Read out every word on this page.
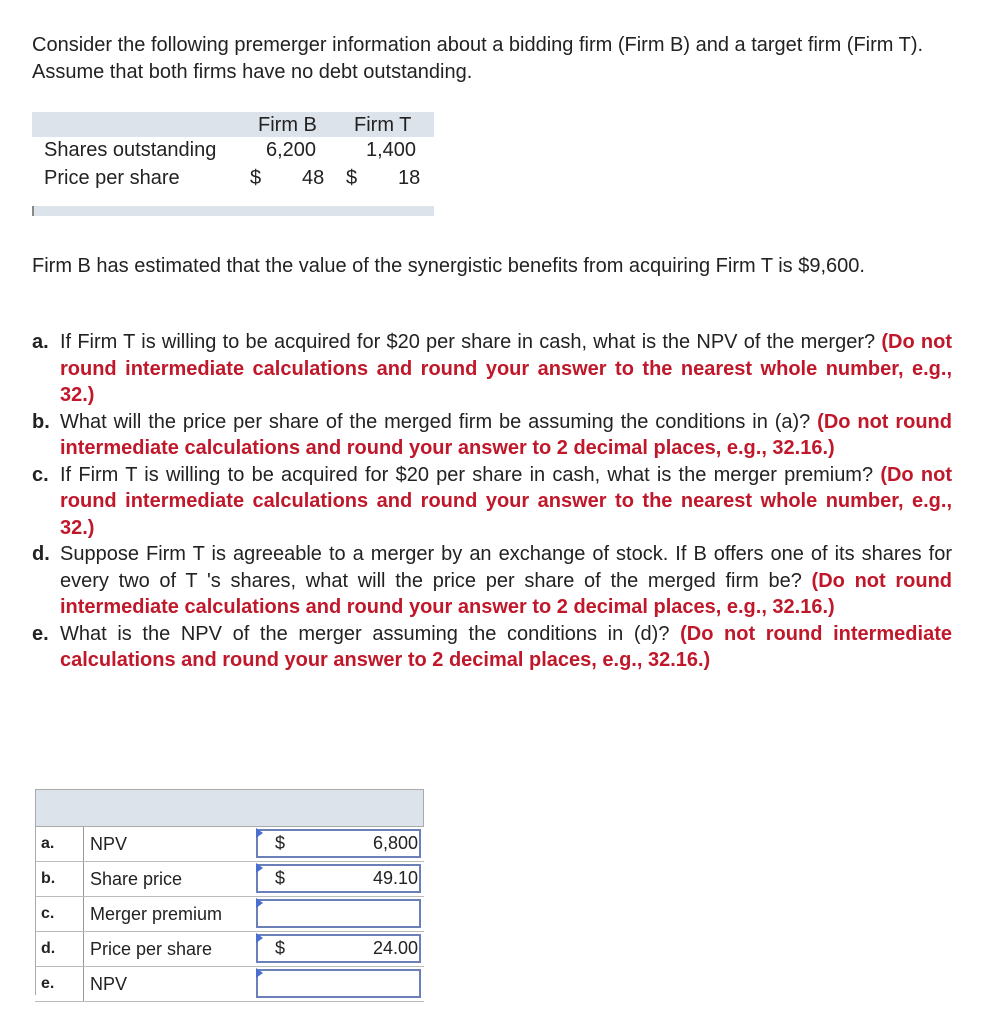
Consider the following premerger information about a bidding firm (Firm B) and a target firm (Firm T). Assume that both firms have no debt outstanding.
Firm B Firm T
Shares outstanding 6,200 1,400
Price per share	$ 48 $ 18
Firm B has estimated that the value of the synergistic benefits from acquiring Firm T is $9,600.
a. If Firm T is willing to be acquired for $20 per share in cash, what is the NPV of the merger? (Do not round intermediate calculations and round your answer to the nearest whole number, e.g., 32.)
b. What will the price per share of the merged firm be assuming the conditions in (a)? (Do not round intermediate calculations and round your answer to 2 decimal places, e.g., 32.16.)
c. If Firm T is willing to be acquired for $20 per share in cash, what is the merger premium? (Do not round intermediate calculations and round your answer to the nearest whole number, e.g., 32.)
d. Suppose Firm T is agreeable to a merger by an exchange of stock. If B offers one of its shares for every two of T 's shares, what will the price per share of the merged firm be? (Do not round intermediate calculations and round your answer to 2 decimal places, e.g., 32.16.)
e. What is the NPV of the merger assuming the conditions in (d)? (Do not round intermediate calculations and round your answer to 2 decimal places, e.g., 32.16.)
a. NPV	$	6,800
b. Share price	$	49.10
c. Merger premium
d. Price per share	$	24.00
e. NPV
